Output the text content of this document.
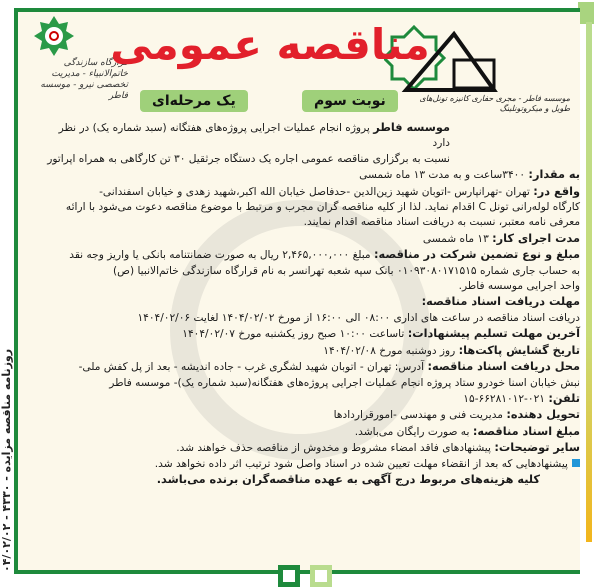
موسسه فاطر - مجری حفاری کانیزه تونل‌های طویل و میکروتونلینگ
قرارگاه سازندگی خاتم‌الانبیاء - مدیریت تخصصی نیرو - موسسه فاطر
مناقصه عمومی
نوبت سوم
یک مرحله‌ای
روزنامه مناقصه مزایده - ۴۳۳۰ - ۰۴/۰۲/۰۲
موسسه فاطر پروژه انجام عملیات اجرایی پروژه‌های هفتگانه (سبد شماره یک) در نظر دارد
نسبت به برگزاری مناقصه عمومی اجاره یک دستگاه جرثقیل ۳۰ تن کارگاهی به همراه اپراتور
به مقدار: ۳۴۰۰ساعت و به مدت ۱۳ ماه شمسی
واقع در: تهران -تهرانپارس -اتوبان شهید زین‌الدین -حدفاصل خیابان الله اکبر،شهید زهدی و خیابان اسفندانی-
کارگاه لوله‌رانی تونل C اقدام نماید. لذا از کلیه مناقصه گران مجرب و مرتبط با موضوع مناقصه دعوت می‌شود با ارائه
معرفی نامه معتبر، نسبت به دریافت اسناد مناقصه اقدام نمایند.
مدت اجرای کار: ۱۳ ماه شمسی
مبلغ و نوع تضمین شرکت در مناقصه: مبلغ ۲,۴۶۵,۰۰۰,۰۰۰ ریال به صورت ضمانتنامه بانکی یا واریز وجه نقد
به حساب جاری شماره ۰۱۰۹۳۰۸۰۱۷۱۵۱۵ بانک سپه شعبه تهرانسر به نام قرارگاه سازندگی خاتم‌الانبیا (ص)
واحد اجرایی موسسه فاطر.
مهلت دریافت اسناد مناقصه:
دریافت اسناد مناقصه در ساعت های اداری ۰۸:۰۰ الی ۱۶:۰۰ از مورخ ۱۴۰۴/۰۲/۰۲ لغایت ۱۴۰۴/۰۲/۰۶
آخرین مهلت تسلیم پیشنهادات: تاساعت ۱۰:۰۰ صبح روز یکشنبه مورخ ۱۴۰۴/۰۲/۰۷
تاریخ گشایش پاکت‌ها: روز دوشنبه مورخ ۱۴۰۴/۰۲/۰۸
محل دریافت اسناد مناقصه: آدرس: تهران - اتوبان شهید لشگری غرب - جاده اندیشه - بعد از پل کفش ملی-
نبش خیابان اسنا خودرو ستاد پروژه انجام عملیات اجرایی پروژه‌های هفتگانه(سبد شماره یک)- موسسه فاطر
تلفن: ۰۲۱-۶۶۲۸۱۰۱۲-۱۵
تحویل دهنده: مدیریت فنی و مهندسی -امورقراردادها
مبلغ اسناد مناقصه: به صورت رایگان می‌باشد.
سایر توضیحات: پیشنهادهای فاقد امضاء مشروط و مخدوش از مناقصه حذف خواهند شد.
پیشنهادهایی که بعد از انقضاء مهلت تعیین شده در اسناد واصل شود ترتیب اثر داده نخواهد شد.
کلیه هزینه‌های مربوط درج آگهی به عهده مناقصه‌گران برنده می‌باشد.
